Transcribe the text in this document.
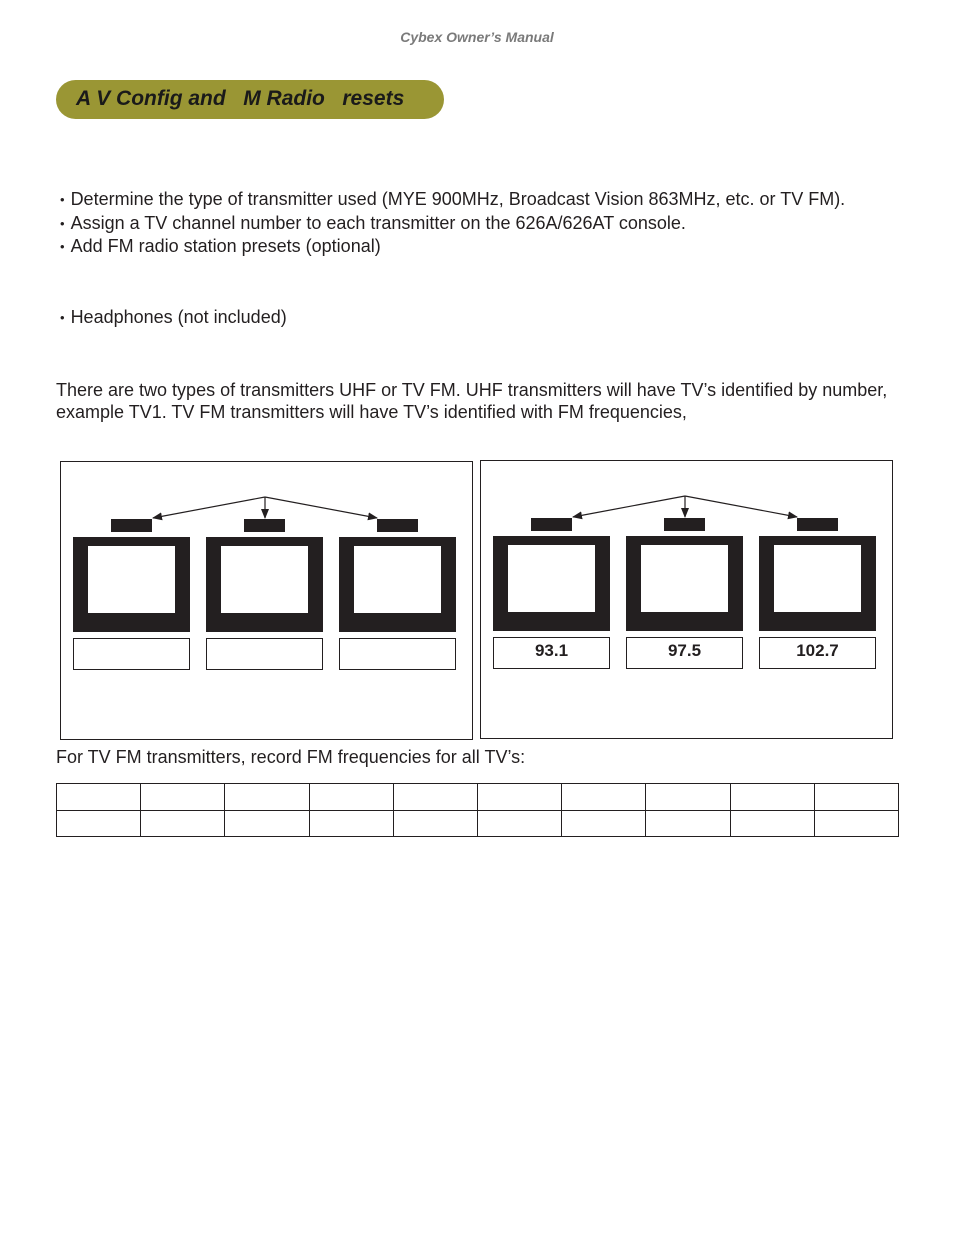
Cybex Owner’s Manual
A V Config and   M Radio   resets
• Determine the type of transmitter used (MYE 900MHz, Broadcast Vision 863MHz, etc. or TV FM).
• Assign a TV channel number to each transmitter on the 626A/626AT console.
• Add FM radio station presets (optional)
• Headphones (not included)

There are two types of transmitters UHF or TV FM. UHF transmitters will have TV’s identified by number, example TV1. TV FM transmitters will have TV’s identified with FM frequencies,

93.1	97.5	102.7

For TV FM transmitters, record FM frequencies for all TV’s:
